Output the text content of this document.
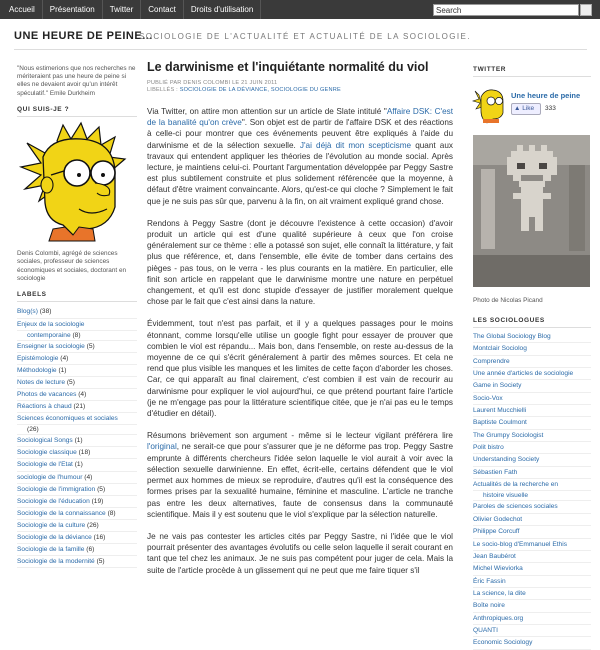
Accueil	Présentation	Twitter	Contact	Droits d'utilisation
Search
UNE HEURE DE PEINE...
SOCIOLOGIE DE L'ACTUALITÉ ET ACTUALITÉ DE LA SOCIOLOGIE.
"Nous estimerions que nos recherches ne mériteraient pas une heure de peine si elles ne devaient avoir qu'un intérêt spéculatif." Emile Durkheim
QUI SUIS-JE ?
Denis Colombi, agrégé de sciences sociales, professeur de sciences économiques et sociales, doctorant en sociologie
LABELS
Blog(s) (38)
Enjeux de la sociologie
contemporaine (8)
Enseigner la sociologie (5)
Epistémologie (4)
Méthodologie (1)
Notes de lecture (5)
Photos de vacances (4)
Réactions à chaud (21)
Sciences économiques et sociales
(26)
Sociological Songs (1)
Sociologie classique (18)
Sociologie de l'Etat (1)
sociologie de l'humour (4)
Sociologie de l'immigration (5)
Sociologie de l'éducation (19)
Sociologie de la connaissance (8)
Sociologie de la culture (26)
Sociologie de la déviance (16)
Sociologie de la famille (6)
Sociologie de la modernité (5)
Le darwinisme et l'inquiétante normalité du viol
PUBLIÉ PAR DENIS COLOMBI LE 21 JUIN 2011
LIBELLÉS : SOCIOLOGIE DE LA DÉVIANCE, SOCIOLOGIE DU GENRE

Via Twitter, on attire mon attention sur un article de Slate intitulé "Affaire DSK: C'est de la banalité qu'on crève". Son objet est de partir de l'affaire DSK et des réactions à celle-ci pour montrer que ces événements peuvent être expliqués à l'aide du darwinisme et de la sélection sexuelle. J'ai déjà dit mon scepticisme quant aux travaux qui entendent appliquer les théories de l'évolution au monde social. Après lecture, je maintiens celui-ci. Pourtant l'argumentation développée par Peggy Sastre est plus subtilement construite et plus solidement référencée que la moyenne, à défaut d'être vraiment convaincante. Alors, qu'est-ce qui cloche ? Simplement le fait que je ne suis pas sûr que, parvenu à la fin, on ait vraiment expliqué grand chose.

Rendons à Peggy Sastre (dont je découvre l'existence à cette occasion) d'avoir produit un article qui est d'une qualité supérieure à ceux que l'on croise généralement sur ce thème : elle a potassé son sujet, elle connaît la littérature, y fait plus que référence, et, dans l'ensemble, elle évite de tomber dans certains des pièges - pas tous, on le verra - les plus courants en la matière. En particulier, elle finit son article en rappelant que le darwinisme montre une nature en perpétuel changement, et qu'il est donc stupide d'essayer de justifier moralement quelque chose par le fait que c'est ainsi dans la nature.

Évidemment, tout n'est pas parfait, et il y a quelques passages pour le moins étonnant, comme lorsqu'elle utilise un google fight pour essayer de prouver que combien le viol est répandu... Mais bon, dans l'ensemble, on reste au-dessus de la moyenne de ce qui s'écrit généralement à partir des mêmes sources. Et cela ne rend que plus visible les manques et les limites de cette façon d'aborder les choses. Car, ce qui apparaît au final clairement, c'est combien il est vain de recourir au darwinisme pour expliquer le viol aujourd'hui, ce que prétend pourtant faire l'article (je ne m'engage pas pour la littérature scientifique citée, que je n'ai pas eu le temps d'étudier en détail).

Résumons brièvement son argument - même si le lecteur vigilant préférera lire l'original, ne serait-ce que pour s'assurer que je ne déforme pas trop. Peggy Sastre emprunte à différents chercheurs l'idée selon laquelle le viol aurait à voir avec la sélection sexuelle darwinienne. En effet, écrit-elle, certains défendent que le viol permet aux hommes de mieux se reproduire, d'autres qu'il est la conséquence des formes prises par la sexualité humaine, féminine et masculine. L'article ne tranche pas entre les deux alternatives, faute de consensus dans la communauté scientifique. Mais il y est soutenu que le viol s'explique par la sélection naturelle.

Je ne vais pas contester les articles cités par Peggy Sastre, ni l'idée que le viol pourrait présenter des avantages évolutifs ou celle selon laquelle il serait courant en tant que tel chez les animaux. Je ne suis pas compétent pour juger de cela. Mais la suite de l'article procède à un glissement qui ne peut que me faire tiquer s'il

TWITTER
Une heure de peine
▲ Like	333
Photo de Nicolas Picand
LES SOCIOLOGUES
The Global Sociology Blog
Montclair Sociolog
Comprendre
Une année d'articles de sociologie
Game in Society
Socio-Vox
Laurent Mucchielli
Baptiste Coulmont
The Grumpy Sociologist
Polit bistro
Understanding Society
Sébastien Fath
Actualités de la recherche en
histoire visuelle
Paroles de sciences sociales
Olivier Godechot
Philippe Corcuff
Le socio-blog d'Emmanuel Ethis
Jean Baubérot
Michel Wieviorka
Éric Fassin
La science, la dite
Boîte noire
Anthropiques.org
QUANTI
Economic Sociology
